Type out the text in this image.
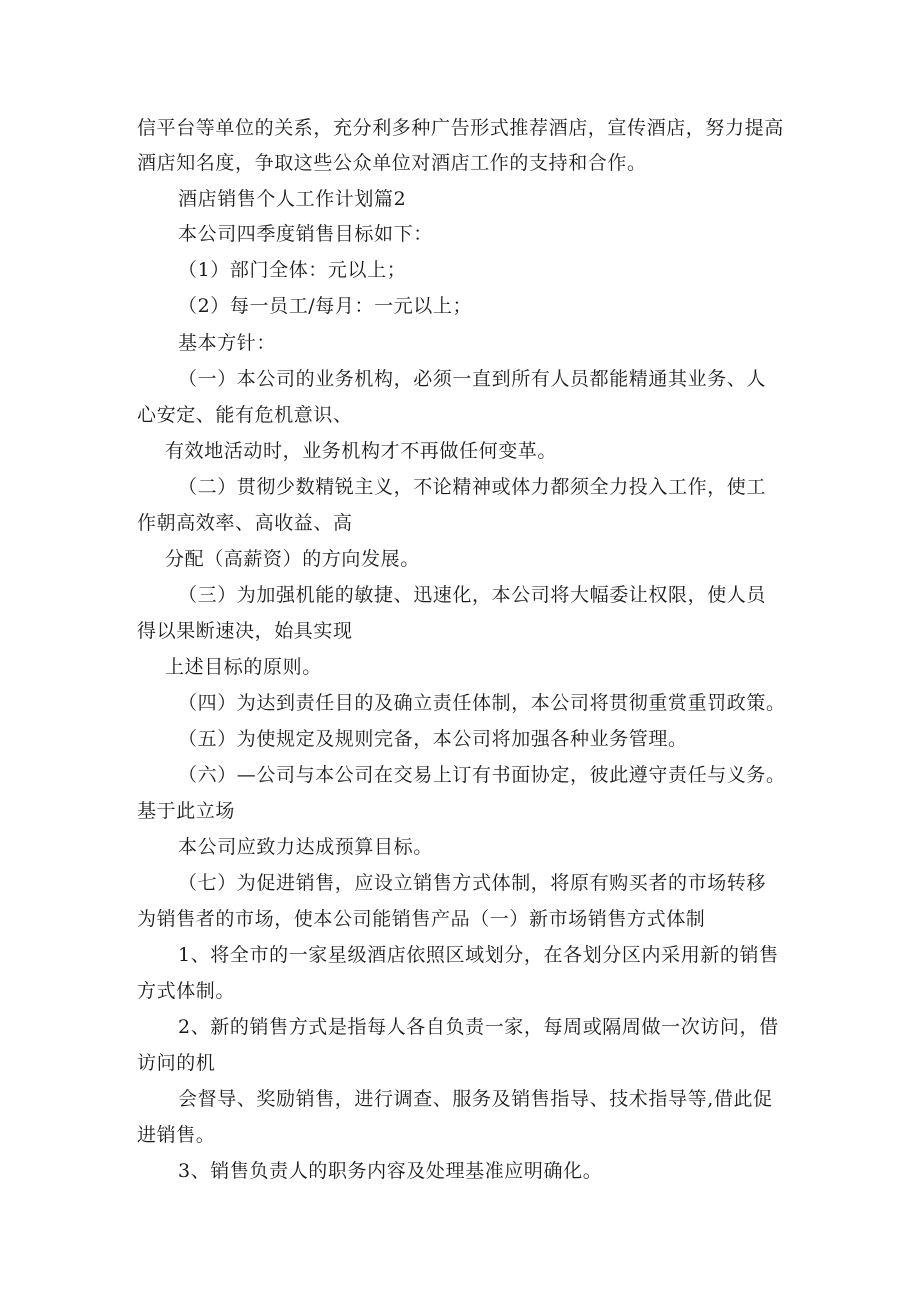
信平台等单位的关系，充分利多种广告形式推荐酒店，宣传酒店，努力提高
酒店知名度，争取这些公众单位对酒店工作的支持和合作。
酒店销售个人工作计划篇2
本公司四季度销售目标如下：
（1）部门全体：元以上；
（2）每一员工/每月：一元以上；
基本方针：
（一）本公司的业务机构，必须一直到所有人员都能精通其业务、人
心安定、能有危机意识、
有效地活动时，业务机构才不再做任何变革。
（二）贯彻少数精锐主义，不论精神或体力都须全力投入工作，使工
作朝高效率、高收益、高
分配（高薪资）的方向发展。
（三）为加强机能的敏捷、迅速化，本公司将大幅委让权限，使人员
得以果断速决，始具实现
上述目标的原则。
（四）为达到责任目的及确立责任体制，本公司将贯彻重赏重罚政策。
（五）为使规定及规则完备，本公司将加强各种业务管理。
（六）—公司与本公司在交易上订有书面协定，彼此遵守责任与义务。
基于此立场
本公司应致力达成预算目标。
（七）为促进销售，应设立销售方式体制，将原有购买者的市场转移
为销售者的市场，使本公司能销售产品（一）新市场销售方式体制
1、将全市的一家星级酒店依照区域划分，在各划分区内采用新的销售
方式体制。
2、新的销售方式是指每人各自负责一家，每周或隔周做一次访问，借
访问的机
会督导、奖励销售，进行调查、服务及销售指导、技术指导等,借此促
进销售。
3、销售负责人的职务内容及处理基准应明确化。
